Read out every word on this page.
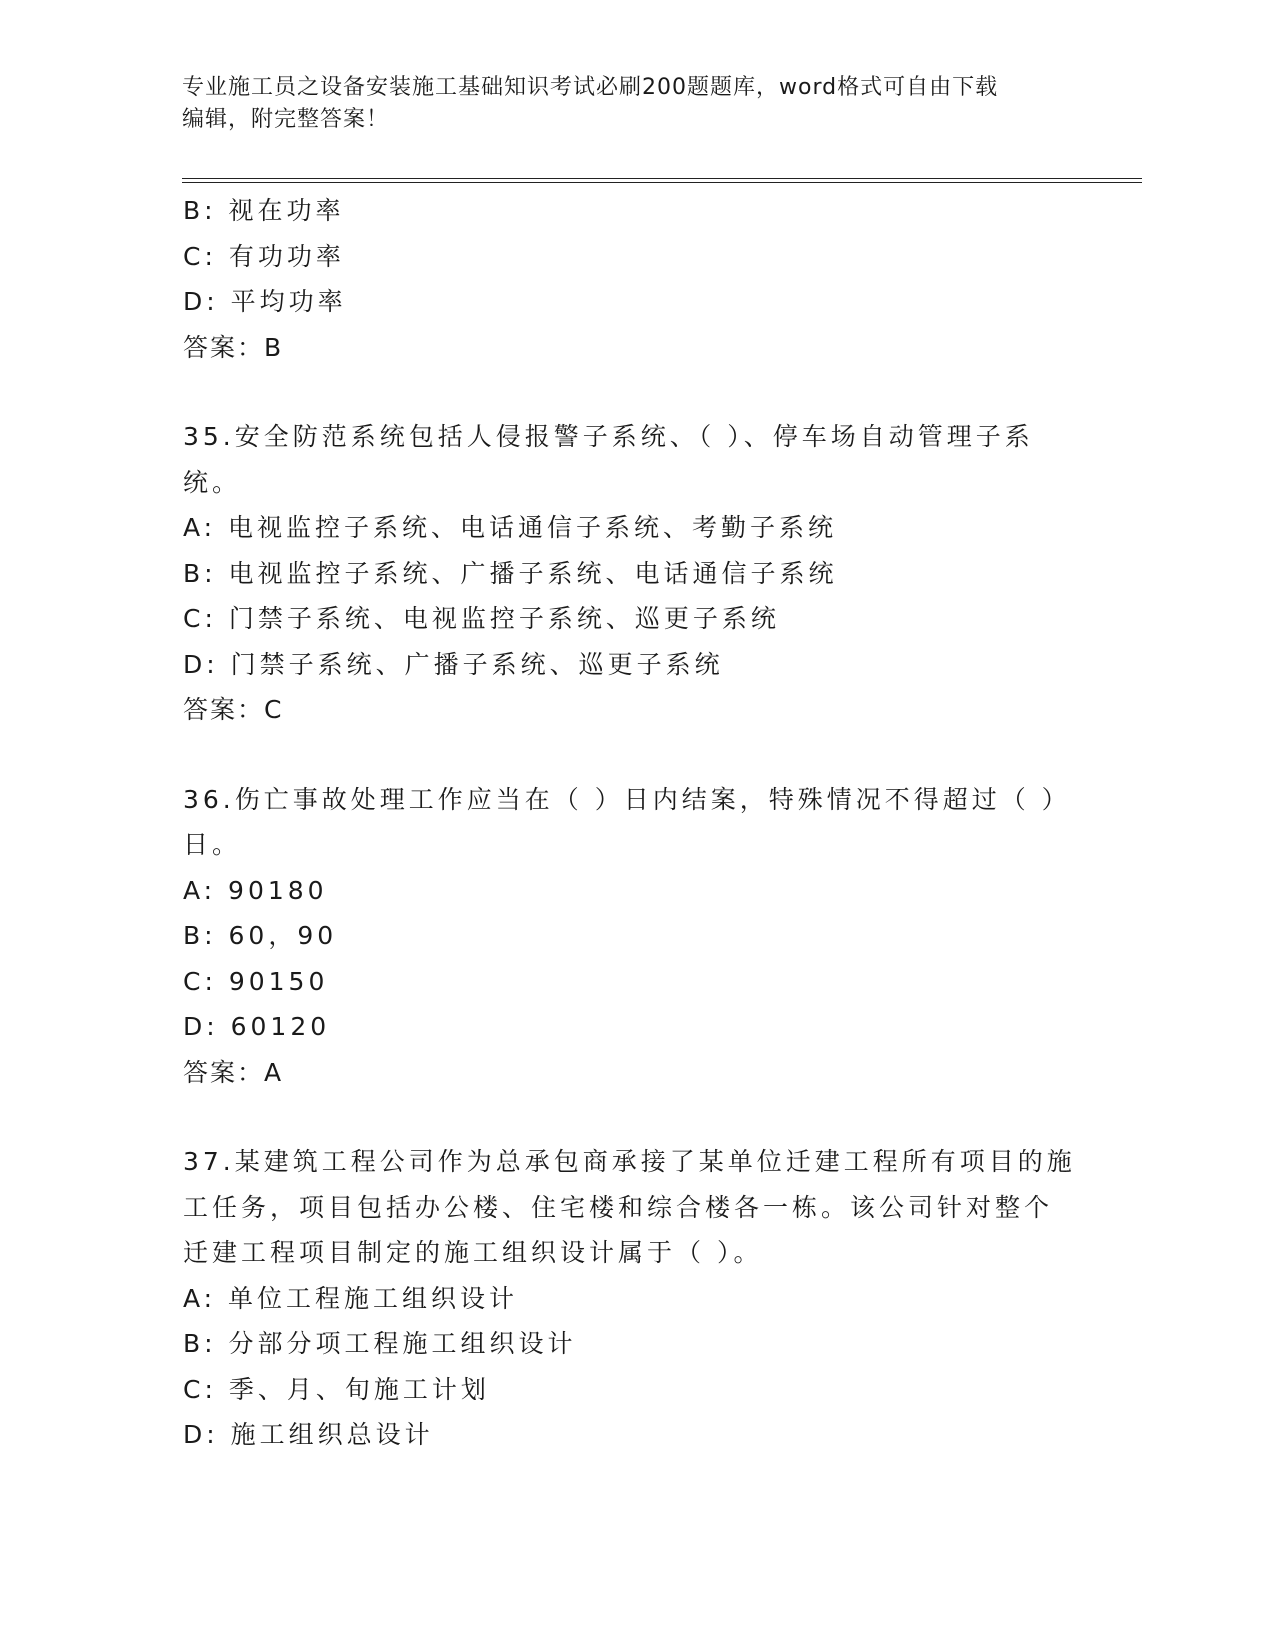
专业施工员之设备安装施工基础知识考试必刷200题题库，word格式可自由下载
编辑，附完整答案！

B: 视在功率

C: 有功功率

D: 平均功率

答案：B

35.安全防范系统包括人侵报警子系统、（ ）、停车场自动管理子系

统。

A: 电视监控子系统、电话通信子系统、考勤子系统

B: 电视监控子系统、广播子系统、电话通信子系统

C: 门禁子系统、电视监控子系统、巡更子系统

D: 门禁子系统、广播子系统、巡更子系统

答案：C

36.伤亡事故处理工作应当在（ ）日内结案，特殊情况不得超过（ ）

日。

A: 90180

B: 60，90

C: 90150

D: 60120

答案：A

37.某建筑工程公司作为总承包商承接了某单位迁建工程所有项目的施

工任务，项目包括办公楼、住宅楼和综合楼各一栋。该公司针对整个

迁建工程项目制定的施工组织设计属于（ ）。

A: 单位工程施工组织设计

B: 分部分项工程施工组织设计

C: 季、月、旬施工计划

D: 施工组织总设计
